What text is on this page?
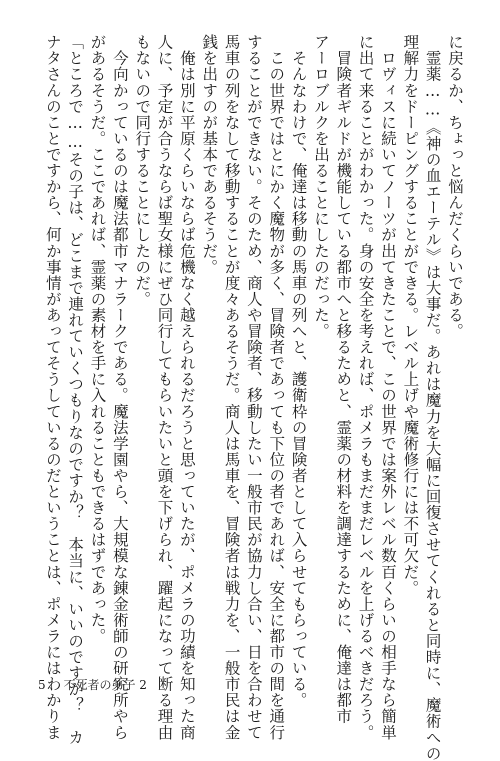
に戻るか、ちょっと悩んだくらいである。
　霊薬……《神の血エーテル》は大事だ。あれは魔力を大幅に回復させてくれると同時に、魔術への
理解力をドーピングすることができる。レベル上げや魔術修行には不可欠だ。
　ロヴィスに続いてノーツが出てきたことで、この世界では案外レベル数百くらいの相手なら簡単
に出て来ることがわかった。身の安全を考えれば、ポメラもまだまだレベルを上げるべきだろう。
　冒険者ギルドが機能している都市へと移るためと、霊薬の材料を調達するために、俺達は都市
アーロブルクを出ることにしたのだった。
　そんなわけで、俺達は移動の馬車の列へと、護衛枠の冒険者として入らせてもらっている。
　この世界ではとにかく魔物が多く、冒険者であっても下位の者であれば、安全に都市の間を通行
することができない。そのため、商人や冒険者、移動したい一般市民が協力し合い、日を合わせて
馬車の列をなして移動することが度々あるそうだ。商人は馬車を、冒険者は戦力を、一般市民は金
銭を出すのが基本であるそうだ。
　俺は別に平原くらいならば危機なく越えられるだろうと思っていたが、ポメラの功績を知った商
人に、予定が合うならば聖女様にぜひ同行してもらいたいと頭を下げられ、躍起になって断る理由
もないので同行することにしたのだ。
　今向かっているのは魔法都市マナラークである。魔法学園やら、大規模な錬金術師の研究所やら
があるそうだ。ここであれば、霊薬の素材を手に入れることもできるはずであった。
「ところで……その子は、どこまで連れていくつもりなのですか？　本当に、いいのですか？　カ
ナタさんのことですから、何か事情があってそうしているのだということは、ポメラにはわかりま
5 不死者の弟子 2
